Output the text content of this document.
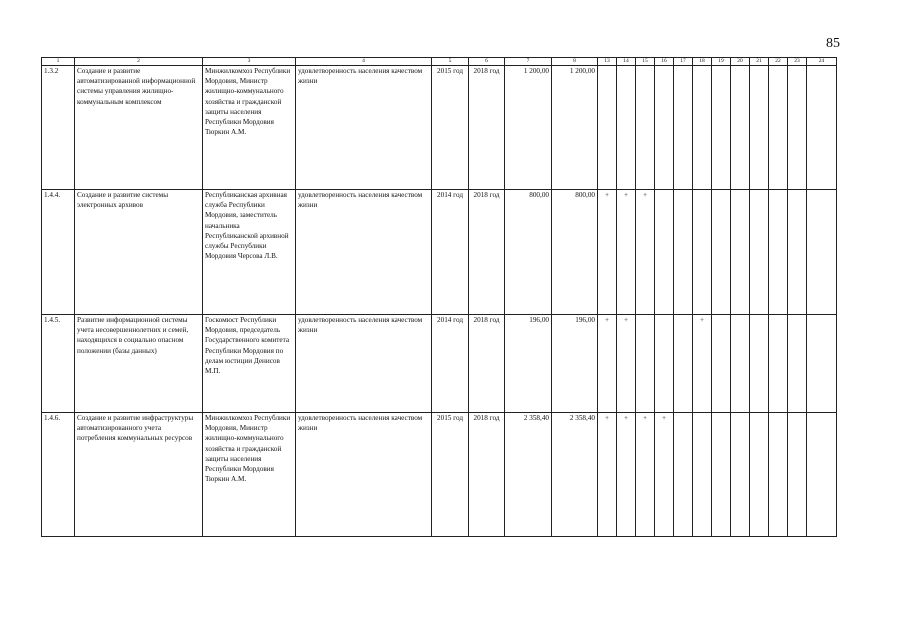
85
1	2	3	4	5	6	7	8	13	14	15	16	17	18	19	20	21	22	23	24
1.3.2	Создание и развитие автоматизированной информационной системы управления жилищно-коммунальным комплексом	Минжилкомхоз Республики Мордовия, Министр жилищно-коммунального хозяйства и гражданской защиты населения Республики Мордовия Тюркин А.М.	удовлетворенность населения качеством жизни	2015 год	2018 год	1 200,00	1 200,00												
1.4.4.	Создание и развитие системы электронных архивов	Республиканская архивная служба Республики Мордовия, заместитель начальника Республиканской архивной службы Республики Мордовия Черсова Л.В.	удовлетворенность населения качеством жизни	2014 год	2018 год	800,00	800,00	+	+	+									
1.4.5.	Развитие информационной системы учета несовершеннолетних и семей, находящихся в социально опасном положении (базы данных)	Госкомюст Республики Мордовия, председатель Государственного комитета Республики Мордовия по делам юстиции Денисов М.П.	удовлетворенность населения качеством жизни	2014 год	2018 год	196,00	196,00	+	+				+						
1.4.6.	Создание и развитие инфраструктуры автоматизированного учета потребления коммунальных ресурсов	Минжилкомхоз Республики Мордовия, Министр жилищно-коммунального хозяйства и гражданской защиты населения Республики Мордовия Тюркин А.М.	удовлетворенность населения качеством жизни	2015 год	2018 год	2 358,40	2 358,40	+	+	+	+								
